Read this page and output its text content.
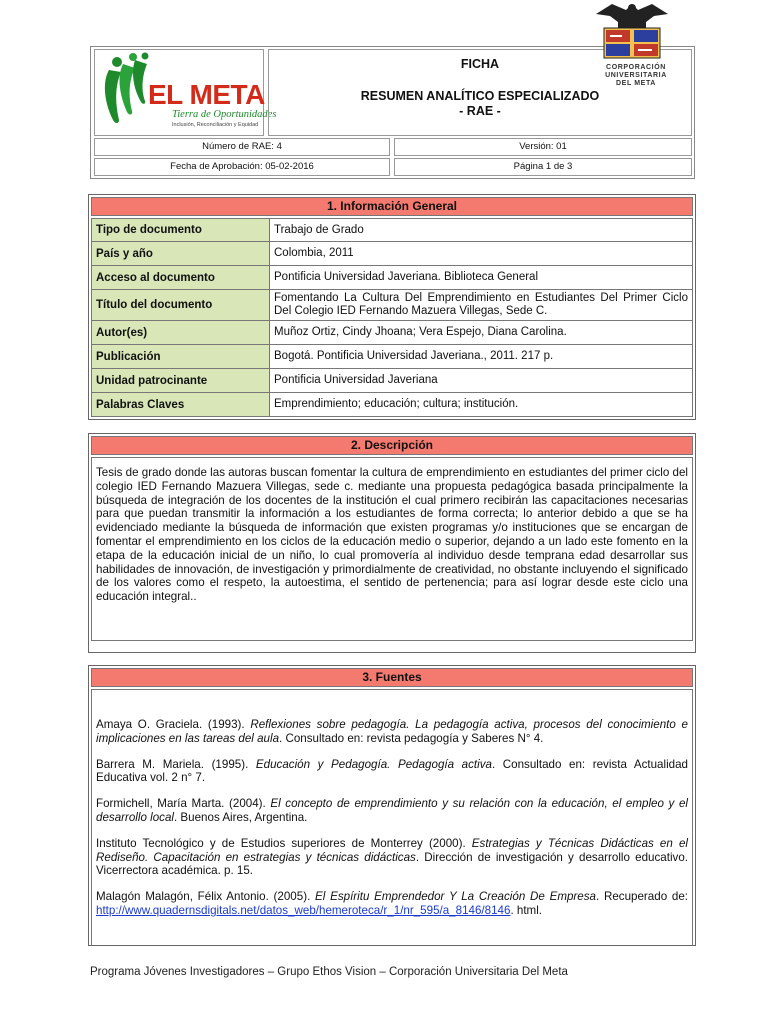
EL META
Tierra de Oportunidades
Inclusión, Reconciliación y Equidad
FICHA
RESUMEN ANALÍTICO ESPECIALIZADO
- RAE -
Número de RAE: 4	Versión: 01
Fecha de Aprobación: 05-02-2016	Página 1 de 3
CORPORACIÓN
UNIVERSITARIA
DEL META
1. Información General
Tipo de documento	Trabajo de Grado
País y año	Colombia, 2011
Acceso al documento	Pontificia Universidad Javeriana. Biblioteca General
Título del documento	Fomentando La Cultura Del Emprendimiento en Estudiantes Del Primer Ciclo Del Colegio IED Fernando Mazuera Villegas, Sede C.
Autor(es)	Muñoz Ortiz, Cindy Jhoana; Vera Espejo, Diana Carolina.
Publicación	Bogotá. Pontificia Universidad Javeriana., 2011. 217 p.
Unidad patrocinante	Pontificia Universidad Javeriana
Palabras Claves	Emprendimiento; educación; cultura; institución.
2. Descripción
Tesis de grado donde las autoras buscan fomentar la cultura de emprendimiento en estudiantes del primer ciclo del colegio IED Fernando Mazuera Villegas, sede c. mediante una propuesta pedagógica basada principalmente la búsqueda de integración de los docentes de la institución el cual primero recibirán las capacitaciones necesarias para que puedan transmitir la información a los estudiantes de forma correcta; lo anterior debido a que se ha evidenciado mediante la búsqueda de información que existen programas y/o instituciones que se encargan de fomentar el emprendimiento en los ciclos de la educación medio o superior, dejando a un lado este fomento en la etapa de la educación inicial de un niño, lo cual promovería al individuo desde temprana edad desarrollar sus habilidades de innovación, de investigación y primordialmente de creatividad, no obstante incluyendo el significado de los valores como el respeto, la autoestima, el sentido de pertenencia; para así lograr desde este ciclo una educación integral..
3. Fuentes
Amaya O. Graciela. (1993). Reflexiones sobre pedagogía. La pedagogía activa, procesos del conocimiento e implicaciones en las tareas del aula. Consultado en: revista pedagogía y Saberes N° 4.
Barrera M. Mariela. (1995). Educación y Pedagogía. Pedagogía activa. Consultado en: revista Actualidad Educativa vol. 2 n° 7.
Formichell, María Marta. (2004). El concepto de emprendimiento y su relación con la educación, el empleo y el desarrollo local. Buenos Aires, Argentina.
Instituto Tecnológico y de Estudios superiores de Monterrey (2000). Estrategias y Técnicas Didácticas en el Rediseño. Capacitación en estrategias y técnicas didácticas. Dirección de investigación y desarrollo educativo. Vicerrectora académica. p. 15.
Malagón Malagón, Félix Antonio. (2005). El Espíritu Emprendedor Y La Creación De Empresa. Recuperado de: http://www.quadernsdigitals.net/datos_web/hemeroteca/r_1/nr_595/a_8146/8146. html.
Programa Jóvenes Investigadores – Grupo Ethos Vision – Corporación Universitaria Del Meta
